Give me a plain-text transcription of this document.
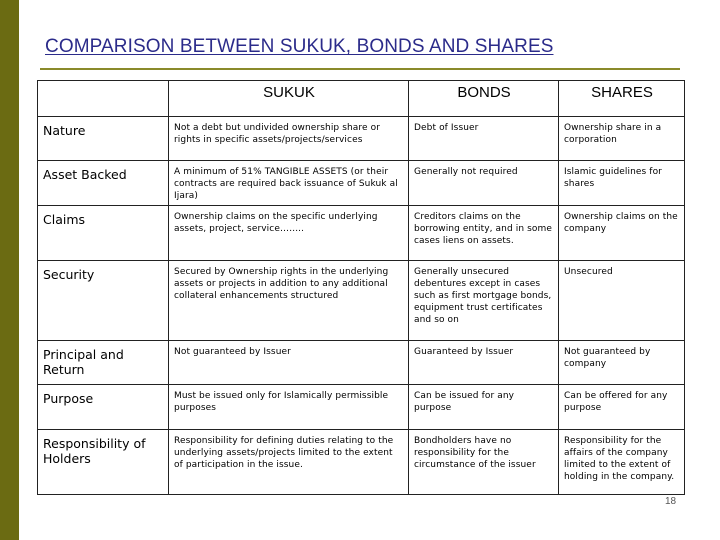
COMPARISON BETWEEN SUKUK, BONDS AND SHARES
	SUKUK	BONDS	SHARES
Nature	Not a debt but undivided ownership share or rights in specific assets/projects/services	Debt of Issuer	Ownership share in a corporation
Asset Backed	A minimum of 51% TANGIBLE ASSETS (or their contracts are required back issuance of Sukuk al Ijara)	Generally not required	Islamic guidelines for shares
Claims	Ownership claims on the specific underlying assets, project, service……..	Creditors claims on the borrowing entity, and in some cases liens on assets.	Ownership claims on the company
Security	Secured by Ownership rights in the underlying assets or projects in addition to any additional collateral enhancements structured	Generally unsecured debentures except in cases such as first mortgage bonds, equipment trust certificates and so on	Unsecured
Principal and Return	Not guaranteed by Issuer	Guaranteed by Issuer	Not guaranteed by company
Purpose	Must be issued only for Islamically permissible purposes	Can be issued for any purpose	Can be offered for any purpose
Responsibility of Holders	Responsibility for defining duties relating to the underlying assets/projects limited to the extent of participation in the issue.	Bondholders have no responsibility for the circumstance of the issuer	Responsibility for the affairs of the company limited to the extent of holding in the company.
18
